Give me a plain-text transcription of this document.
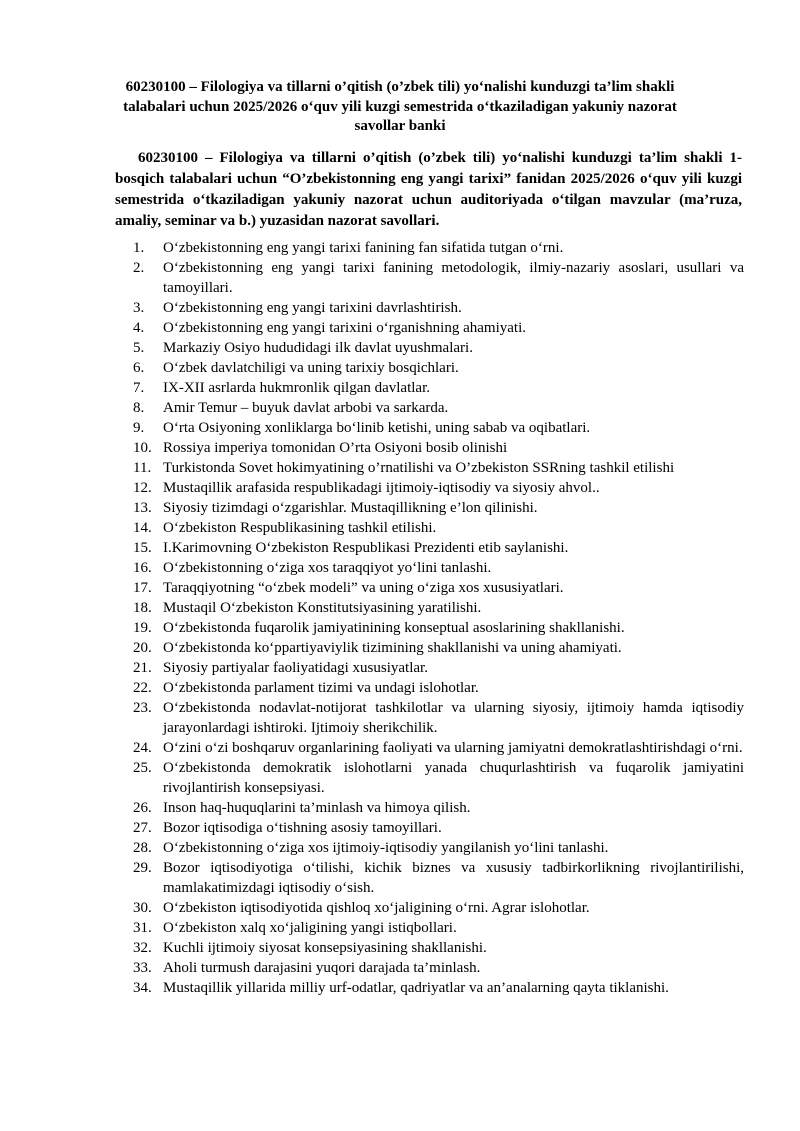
60230100 – Filologiya va tillarni o’qitish (o’zbek tili) yo‘nalishi kunduzgi ta’lim shakli talabalari uchun 2025/2026 o‘quv yili kuzgi semestrida o‘tkaziladigan yakuniy nazorat savollar banki

60230100 – Filologiya va tillarni o’qitish (o’zbek tili) yo‘nalishi kunduzgi ta’lim shakli 1-bosqich talabalari uchun “O’zbekistonning eng yangi tarixi” fanidan 2025/2026 o‘quv yili kuzgi semestrida o‘tkaziladigan yakuniy nazorat uchun auditoriyada o‘tilgan mavzular (ma’ruza, amaliy, seminar va b.) yuzasidan nazorat savollari.

1. O‘zbekistonning eng yangi tarixi fanining fan sifatida tutgan o‘rni.
2. O‘zbekistonning eng yangi tarixi fanining metodologik, ilmiy-nazariy asoslari, usullari va tamoyillari.
3. O‘zbekistonning eng yangi tarixini davrlashtirish.
4. O‘zbekistonning eng yangi tarixini o‘rganishning ahamiyati.
5. Markaziy Osiyo hududidagi ilk davlat uyushmalari.
6. O‘zbek davlatchiligi va uning tarixiy bosqichlari.
7. IX-XII asrlarda hukmronlik qilgan davlatlar.
8. Amir Temur – buyuk davlat arbobi va sarkarda.
9. O‘rta Osiyoning xonliklarga bo‘linib ketishi, uning sabab va oqibatlari.
10. Rossiya imperiya tomonidan O’rta Osiyoni bosib olinishi
11. Turkistonda Sovet hokimyatining o’rnatilishi va O’zbekiston SSRning tashkil etilishi
12. Mustaqillik arafasida respublikadagi ijtimoiy-iqtisodiy va siyosiy ahvol..
13. Siyosiy tizimdagi o‘zgarishlar. Mustaqillikning e’lon qilinishi.
14. O‘zbekiston Respublikasining tashkil etilishi.
15. I.Karimovning O‘zbekiston Respublikasi Prezidenti etib saylanishi.
16. O‘zbekistonning o‘ziga xos taraqqiyot yo‘lini tanlashi.
17. Taraqqiyotning “o‘zbek modeli” va uning o‘ziga xos xususiyatlari.
18. Mustaqil O‘zbekiston Konstitutsiyasining yaratilishi.
19. O‘zbekistonda fuqarolik jamiyatinining konseptual asoslarining shakllanishi.
20. O‘zbekistonda ko‘ppartiyaviylik tizimining shakllanishi va uning ahamiyati.
21. Siyosiy partiyalar faoliyatidagi xususiyatlar.
22. O‘zbekistonda parlament tizimi va undagi islohotlar.
23. O‘zbekistonda nodavlat-notijorat tashkilotlar va ularning siyosiy, ijtimoiy hamda iqtisodiy jarayonlardagi ishtiroki. Ijtimoiy sherikchilik.
24. O‘zini o‘zi boshqaruv organlarining faoliyati va ularning jamiyatni demokratlashtirishdagi o‘rni.
25. O‘zbekistonda demokratik islohotlarni yanada chuqurlashtirish va fuqarolik jamiyatini rivojlantirish konsepsiyasi.
26. Inson haq-huquqlarini ta’minlash va himoya qilish.
27. Bozor iqtisodiga o‘tishning asosiy tamoyillari.
28. O‘zbekistonning o‘ziga xos ijtimoiy-iqtisodiy yangilanish yo‘lini tanlashi.
29. Bozor iqtisodiyotiga o‘tilishi, kichik biznes va xususiy tadbirkorlikning rivojlantirilishi, mamlakatimizdagi iqtisodiy o‘sish.
30. O‘zbekiston iqtisodiyotida qishloq xo‘jaligining o‘rni. Agrar islohotlar.
31. O‘zbekiston xalq xo‘jaligining yangi istiqbollari.
32. Kuchli ijtimoiy siyosat konsepsiyasining shakllanishi.
33. Aholi turmush darajasini yuqori darajada ta’minlash.
34. Mustaqillik yillarida milliy urf-odatlar, qadriyatlar va an’analarning qayta tiklanishi.
